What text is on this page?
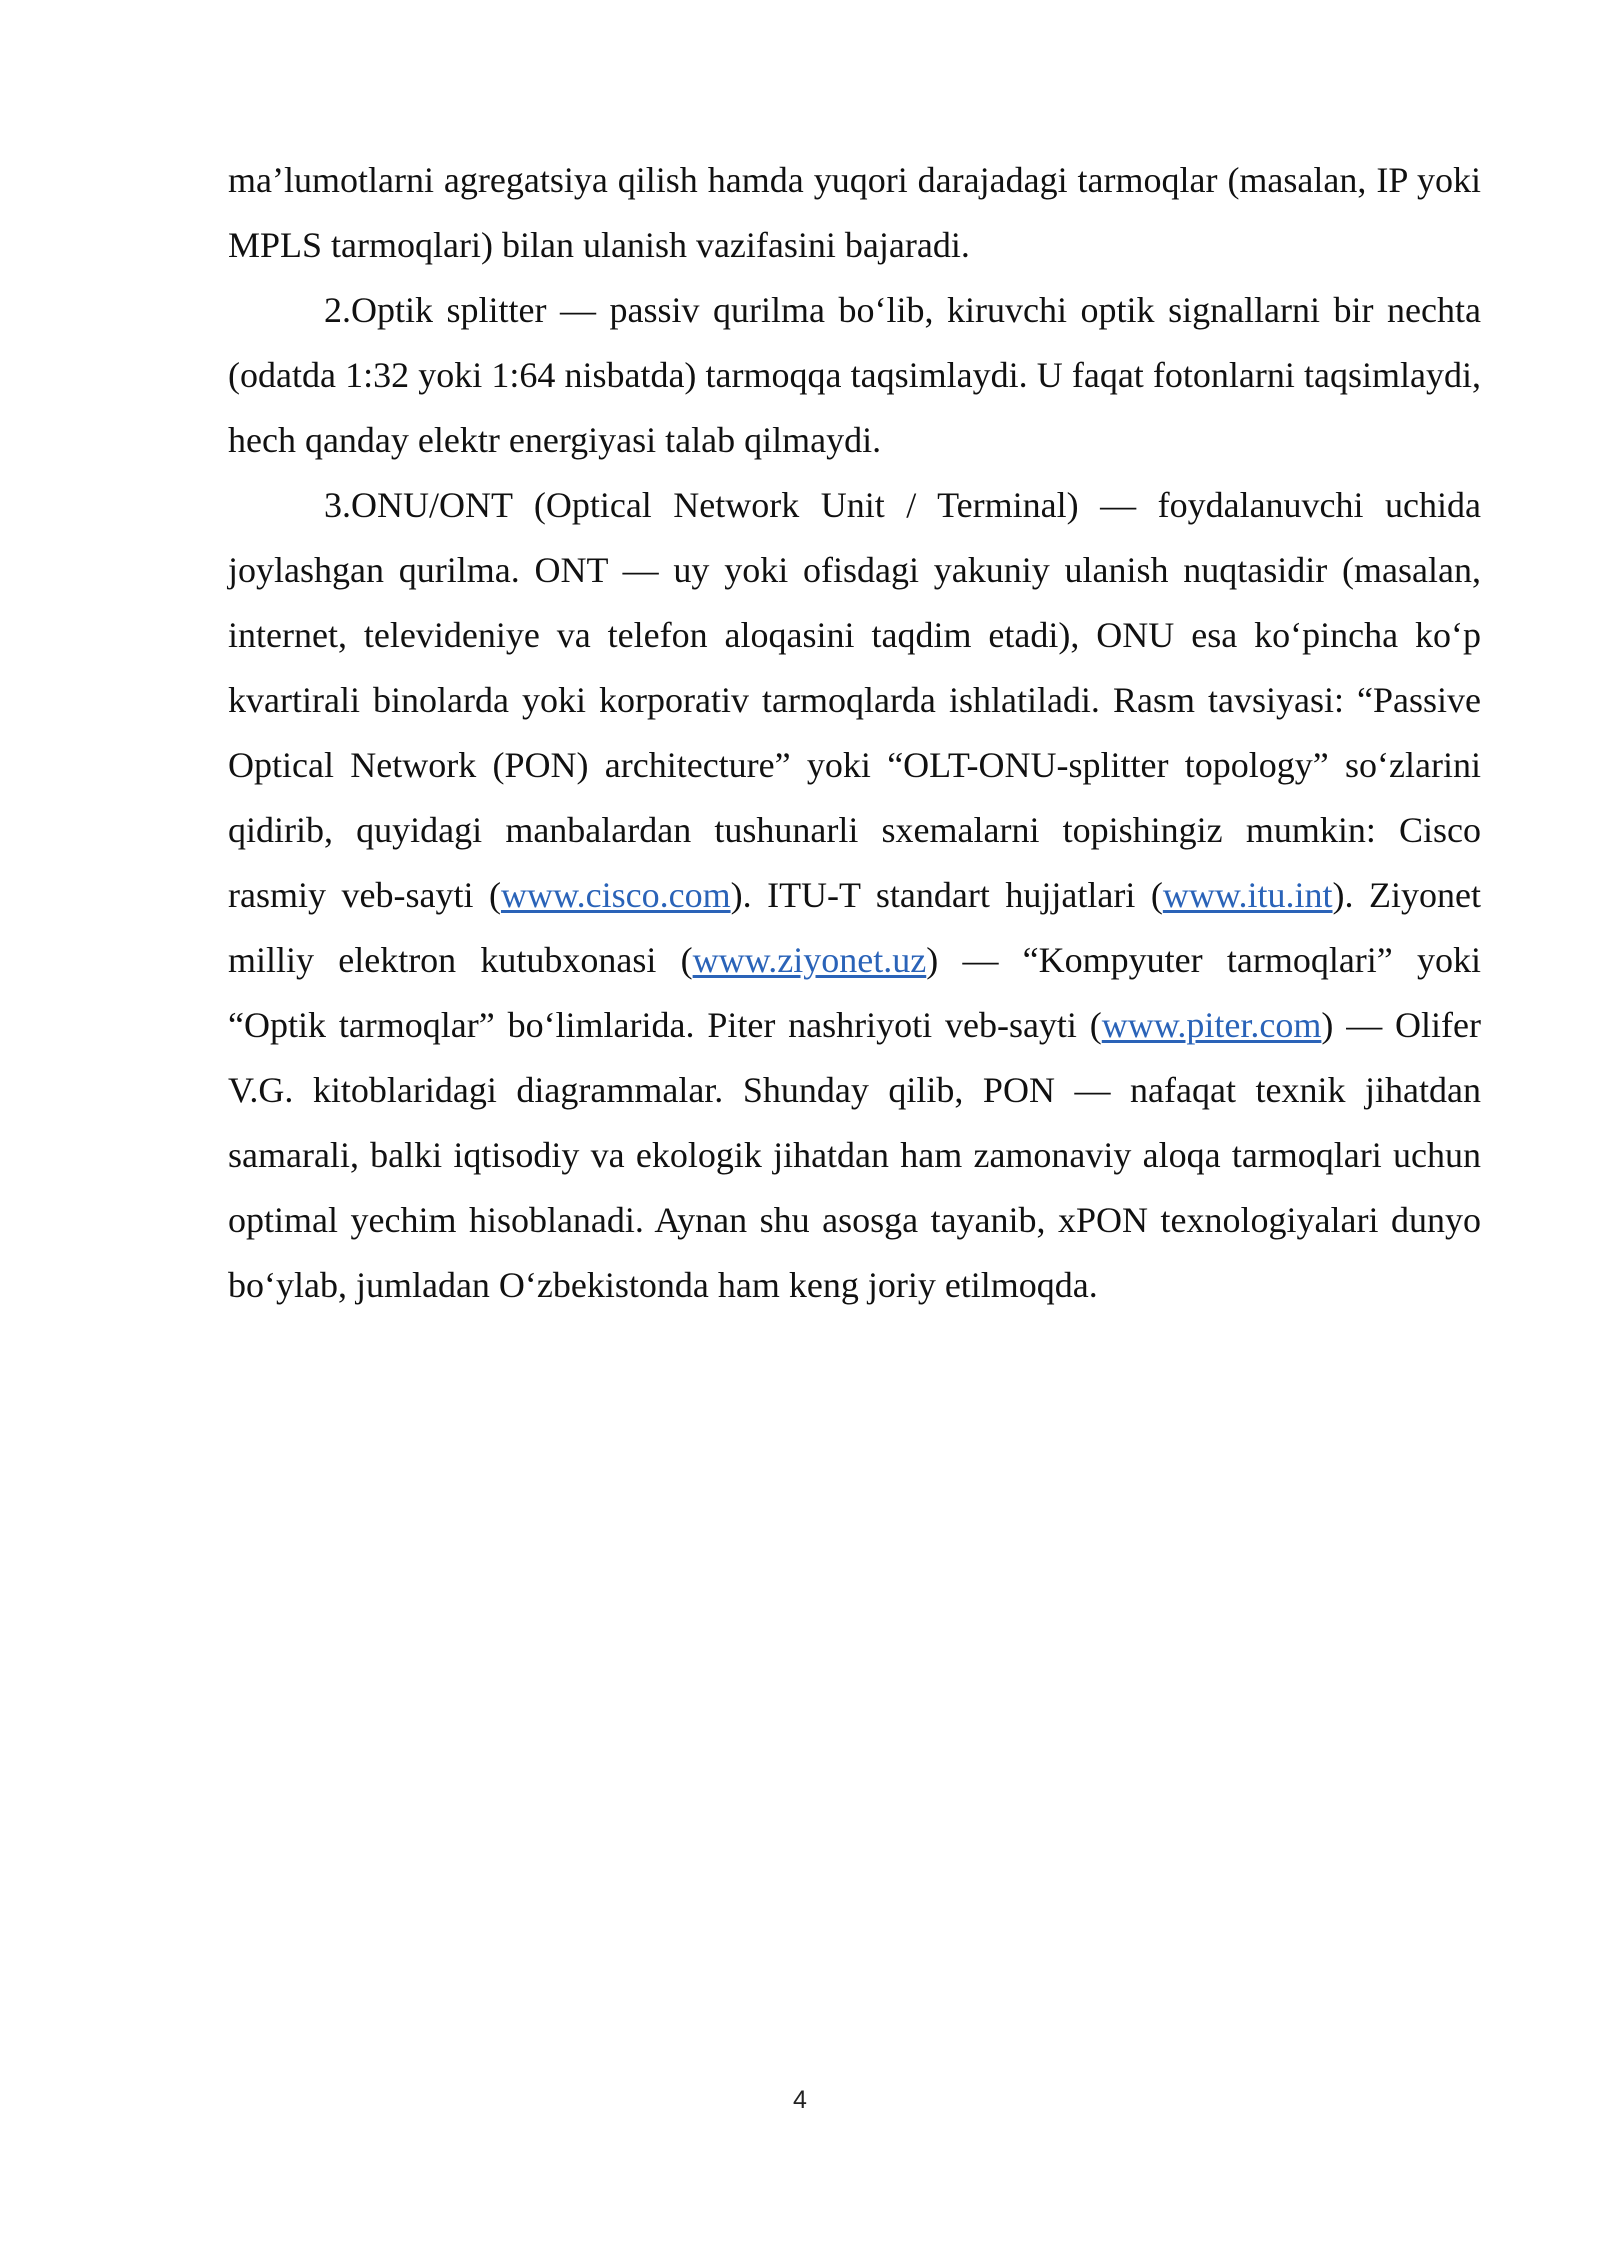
ma’lumotlarni agregatsiya qilish hamda yuqori darajadagi tarmoqlar (masalan, IP yoki MPLS tarmoqlari) bilan ulanish vazifasini bajaradi.

2.Optik splitter — passiv qurilma bo‘lib, kiruvchi optik signallarni bir nechta (odatda 1:32 yoki 1:64 nisbatda) tarmoqqa taqsimlaydi. U faqat fotonlarni taqsimlaydi, hech qanday elektr energiyasi talab qilmaydi.

3.ONU/ONT (Optical Network Unit / Terminal) — foydalanuvchi uchida joylashgan qurilma. ONT — uy yoki ofisdagi yakuniy ulanish nuqtasidir (masalan, internet, televideniye va telefon aloqasini taqdim etadi), ONU esa ko‘pincha ko‘p kvartirali binolarda yoki korporativ tarmoqlarda ishlatiladi. Rasm tavsiyasi: “Passive Optical Network (PON) architecture” yoki “OLT-ONU-splitter topology” so‘zlarini qidirib, quyidagi manbalardan tushunarli sxemalarni topishingiz mumkin: Cisco rasmiy veb-sayti (www.cisco.com). ITU-T standart hujjatlari (www.itu.int). Ziyonet milliy elektron kutubxonasi (www.ziyonet.uz) — “Kompyuter tarmoqlari” yoki “Optik tarmoqlar” bo‘limlarida. Piter nashriyoti veb-sayti (www.piter.com) — Olifer V.G. kitoblaridagi diagrammalar. Shunday qilib, PON — nafaqat texnik jihatdan samarali, balki iqtisodiy va ekologik jihatdan ham zamonaviy aloqa tarmoqlari uchun optimal yechim hisoblanadi. Aynan shu asosga tayanib, xPON texnologiyalari dunyo bo‘ylab, jumladan O‘zbekistonda ham keng joriy etilmoqda.

4
